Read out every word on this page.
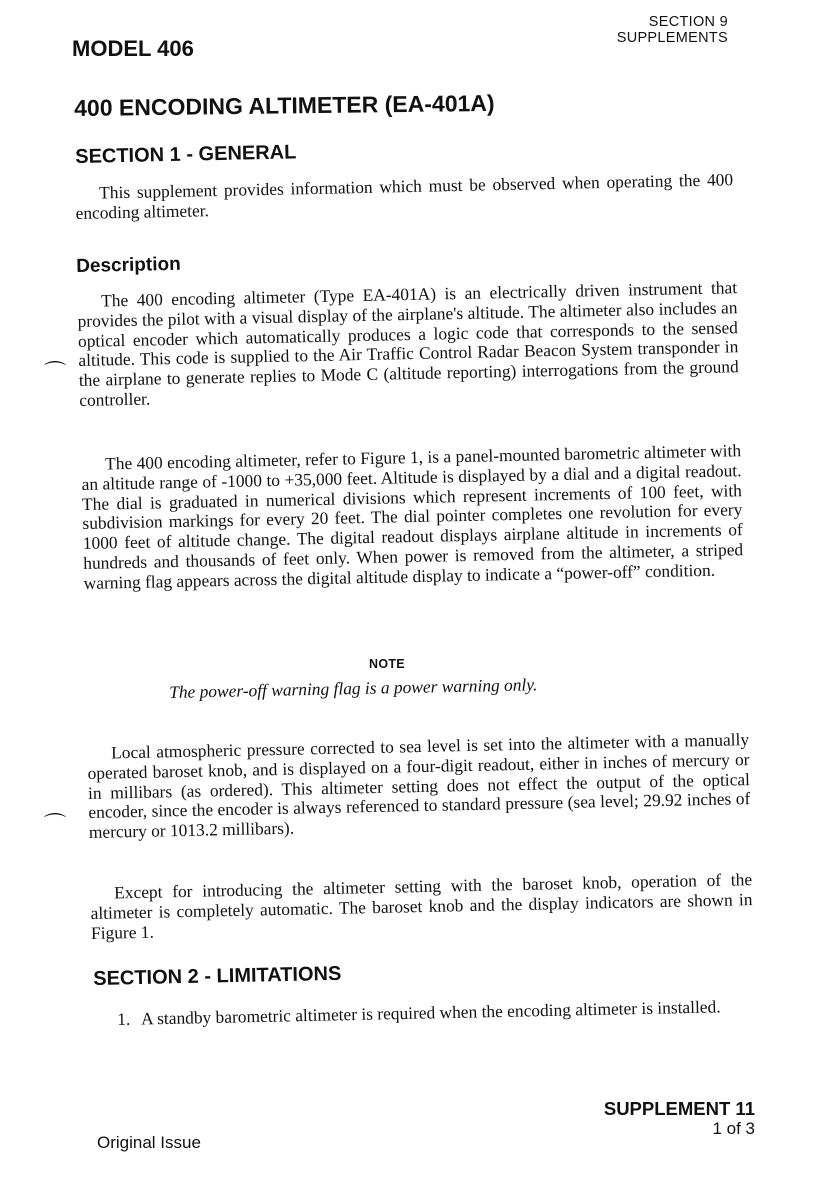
SECTION 9
SUPPLEMENTS
MODEL 406
400 ENCODING ALTIMETER (EA-401A)
SECTION 1 - GENERAL

This supplement provides information which must be observed when operating the 400 encoding altimeter.

Description

The 400 encoding altimeter (Type EA-401A) is an electrically driven instrument that provides the pilot with a visual display of the airplane's altitude. The altimeter also includes an optical encoder which automatically produces a logic code that corresponds to the sensed altitude. This code is supplied to the Air Traffic Control Radar Beacon System transponder in the airplane to generate replies to Mode C (altitude reporting) interrogations from the ground controller.

⌒

The 400 encoding altimeter, refer to Figure 1, is a panel-mounted barometric altimeter with an altitude range of -1000 to +35,000 feet. Altitude is displayed by a dial and a digital readout. The dial is graduated in numerical divisions which represent increments of 100 feet, with subdivision markings for every 20 feet. The dial pointer completes one revolution for every 1000 feet of altitude change. The digital readout displays airplane altitude in increments of hundreds and thousands of feet only. When power is removed from the altimeter, a striped warning flag appears across the digital altitude display to indicate a “power-off” condition.

NOTE
The power-off warning flag is a power warning only.

Local atmospheric pressure corrected to sea level is set into the altimeter with a manually operated baroset knob, and is displayed on a four-digit readout, either in inches of mercury or in millibars (as ordered). This altimeter setting does not effect the output of the optical encoder, since the encoder is always referenced to standard pressure (sea level; 29.92 inches of mercury or 1013.2 millibars).

⌒

Except for introducing the altimeter setting with the baroset knob, operation of the altimeter is completely automatic. The baroset knob and the display indicators are shown in Figure 1.

SECTION 2 - LIMITATIONS
1. A standby barometric altimeter is required when the encoding altimeter is installed.
SUPPLEMENT 11
1 of 3
Original Issue
